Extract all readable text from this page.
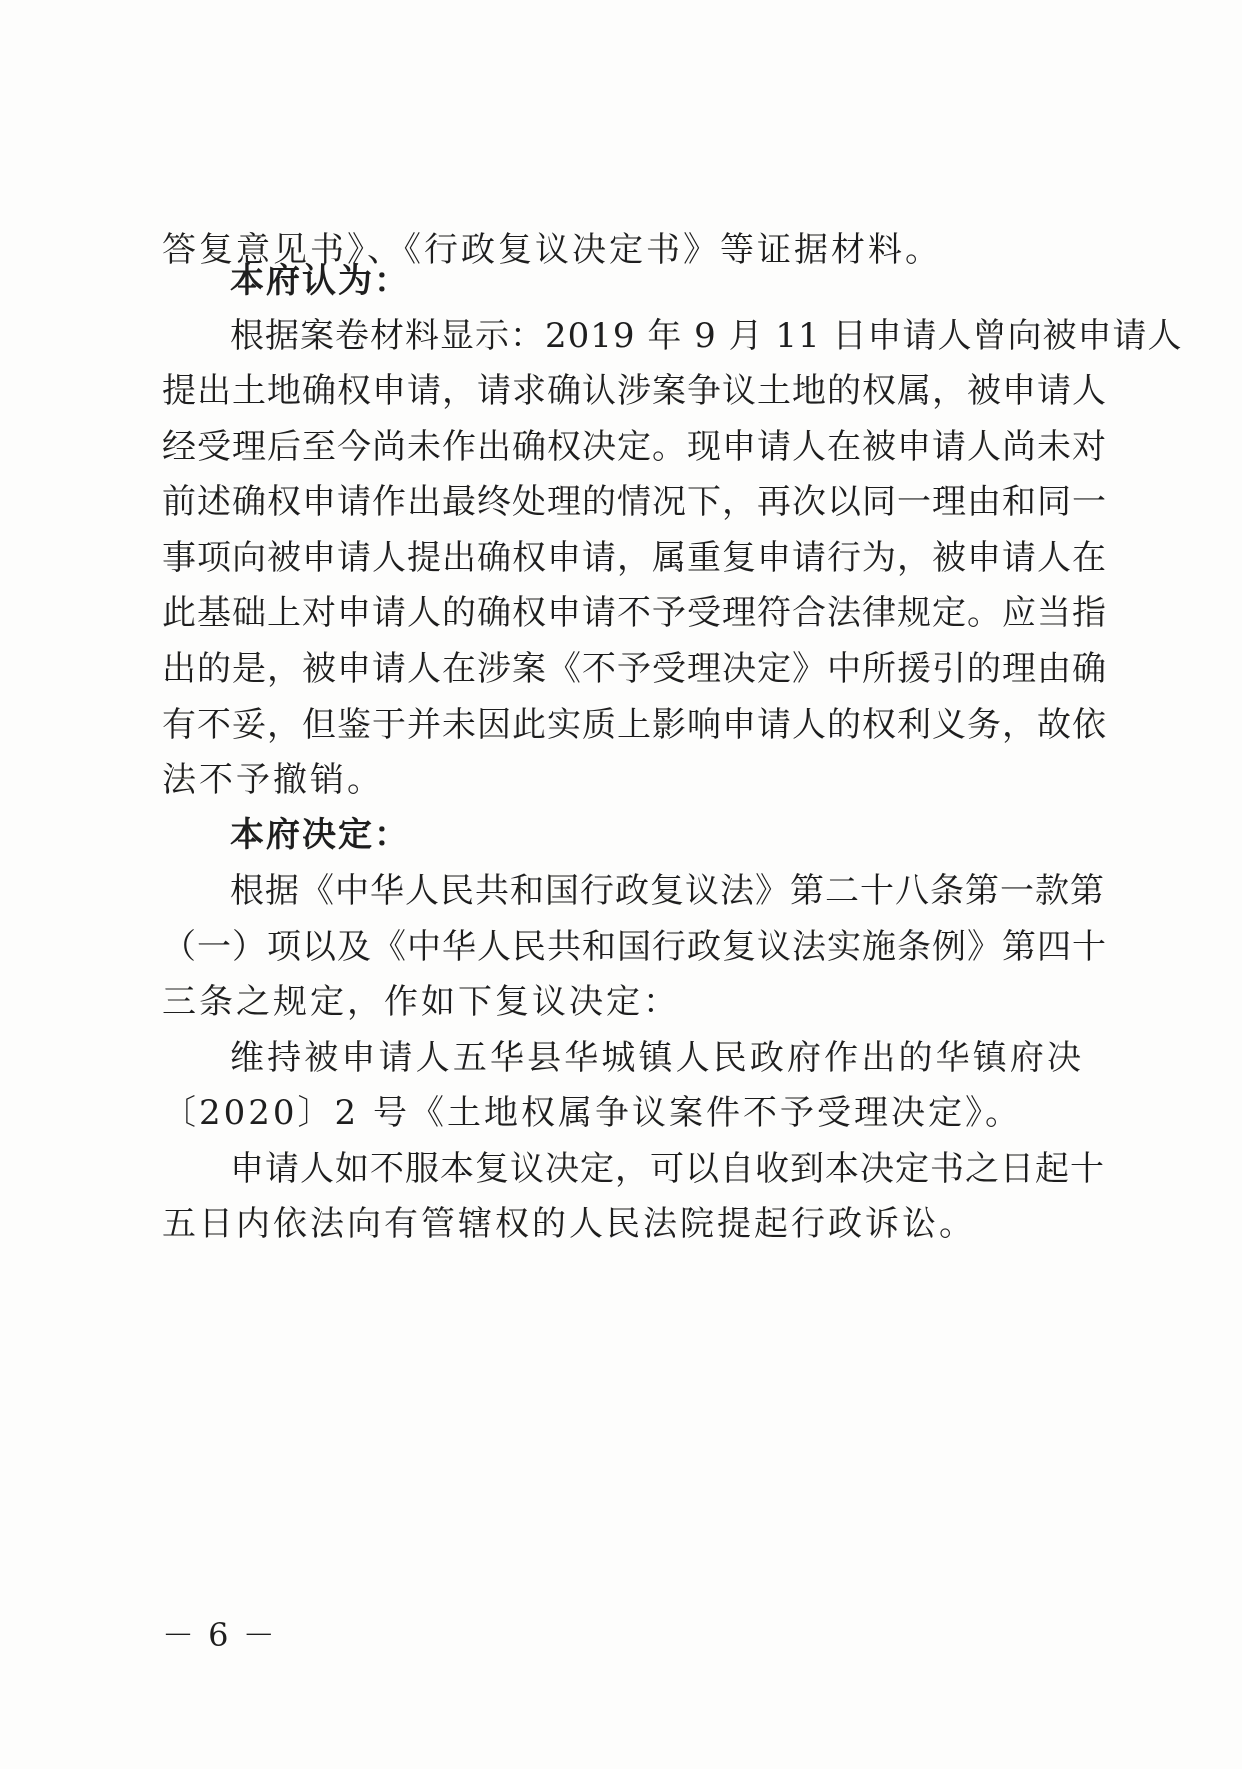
答复意见书》、《行政复议决定书》等证据材料。
本府认为：
根据案卷材料显示：2019 年 9 月 11 日申请人曾向被申请人
提出土地确权申请，请求确认涉案争议土地的权属，被申请人
经受理后至今尚未作出确权决定。现申请人在被申请人尚未对
前述确权申请作出最终处理的情况下，再次以同一理由和同一
事项向被申请人提出确权申请，属重复申请行为，被申请人在
此基础上对申请人的确权申请不予受理符合法律规定。应当指
出的是，被申请人在涉案《不予受理决定》中所援引的理由确
有不妥，但鉴于并未因此实质上影响申请人的权利义务，故依
法不予撤销。
本府决定：
根据《中华人民共和国行政复议法》第二十八条第一款第
（一）项以及《中华人民共和国行政复议法实施条例》第四十
三条之规定，作如下复议决定：
维持被申请人五华县华城镇人民政府作出的华镇府决
〔2020〕2 号《土地权属争议案件不予受理决定》。
申请人如不服本复议决定，可以自收到本决定书之日起十
五日内依法向有管辖权的人民法院提起行政诉讼。
－ 6 －
